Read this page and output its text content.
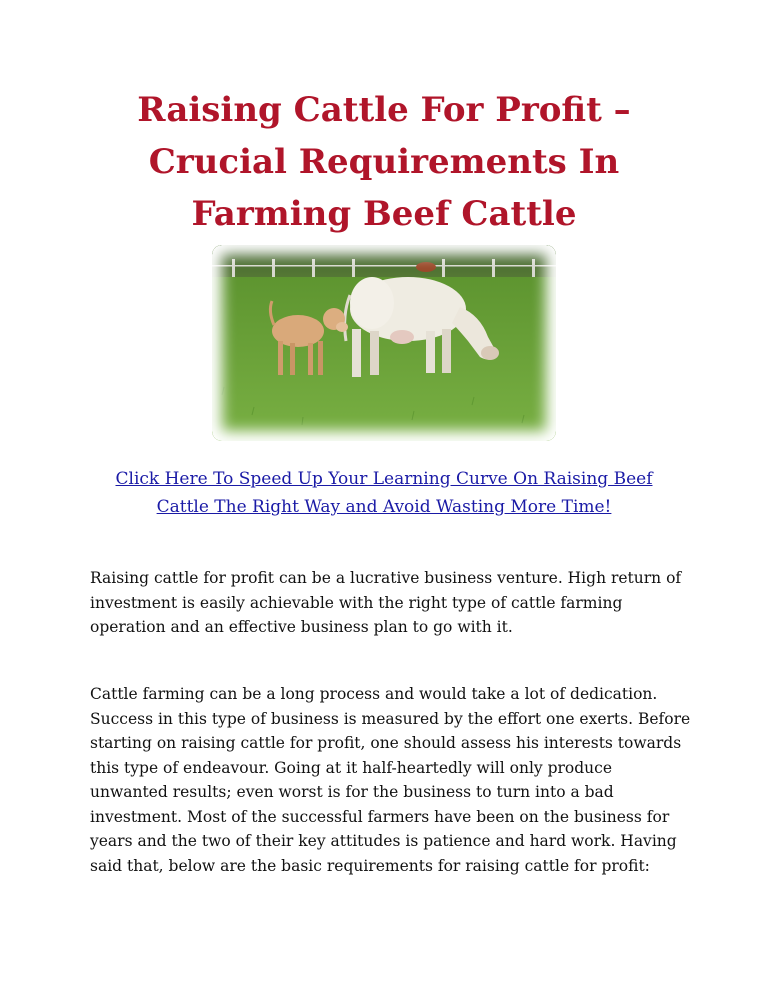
Raising Cattle For Profit –
Crucial Requirements In
Farming Beef Cattle
Click Here To Speed Up Your Learning Curve On Raising Beef
Cattle The Right Way and Avoid Wasting More Time!

Raising cattle for profit can be a lucrative business venture. High return of
investment is easily achievable with the right type of cattle farming
operation and an effective business plan to go with it.

Cattle farming can be a long process and would take a lot of dedication.
Success in this type of business is measured by the effort one exerts. Before
starting on raising cattle for profit, one should assess his interests towards
this type of endeavour. Going at it half-heartedly will only produce
unwanted results; even worst is for the business to turn into a bad
investment. Most of the successful farmers have been on the business for
years and the two of their key attitudes is patience and hard work. Having
said that, below are the basic requirements for raising cattle for profit:
